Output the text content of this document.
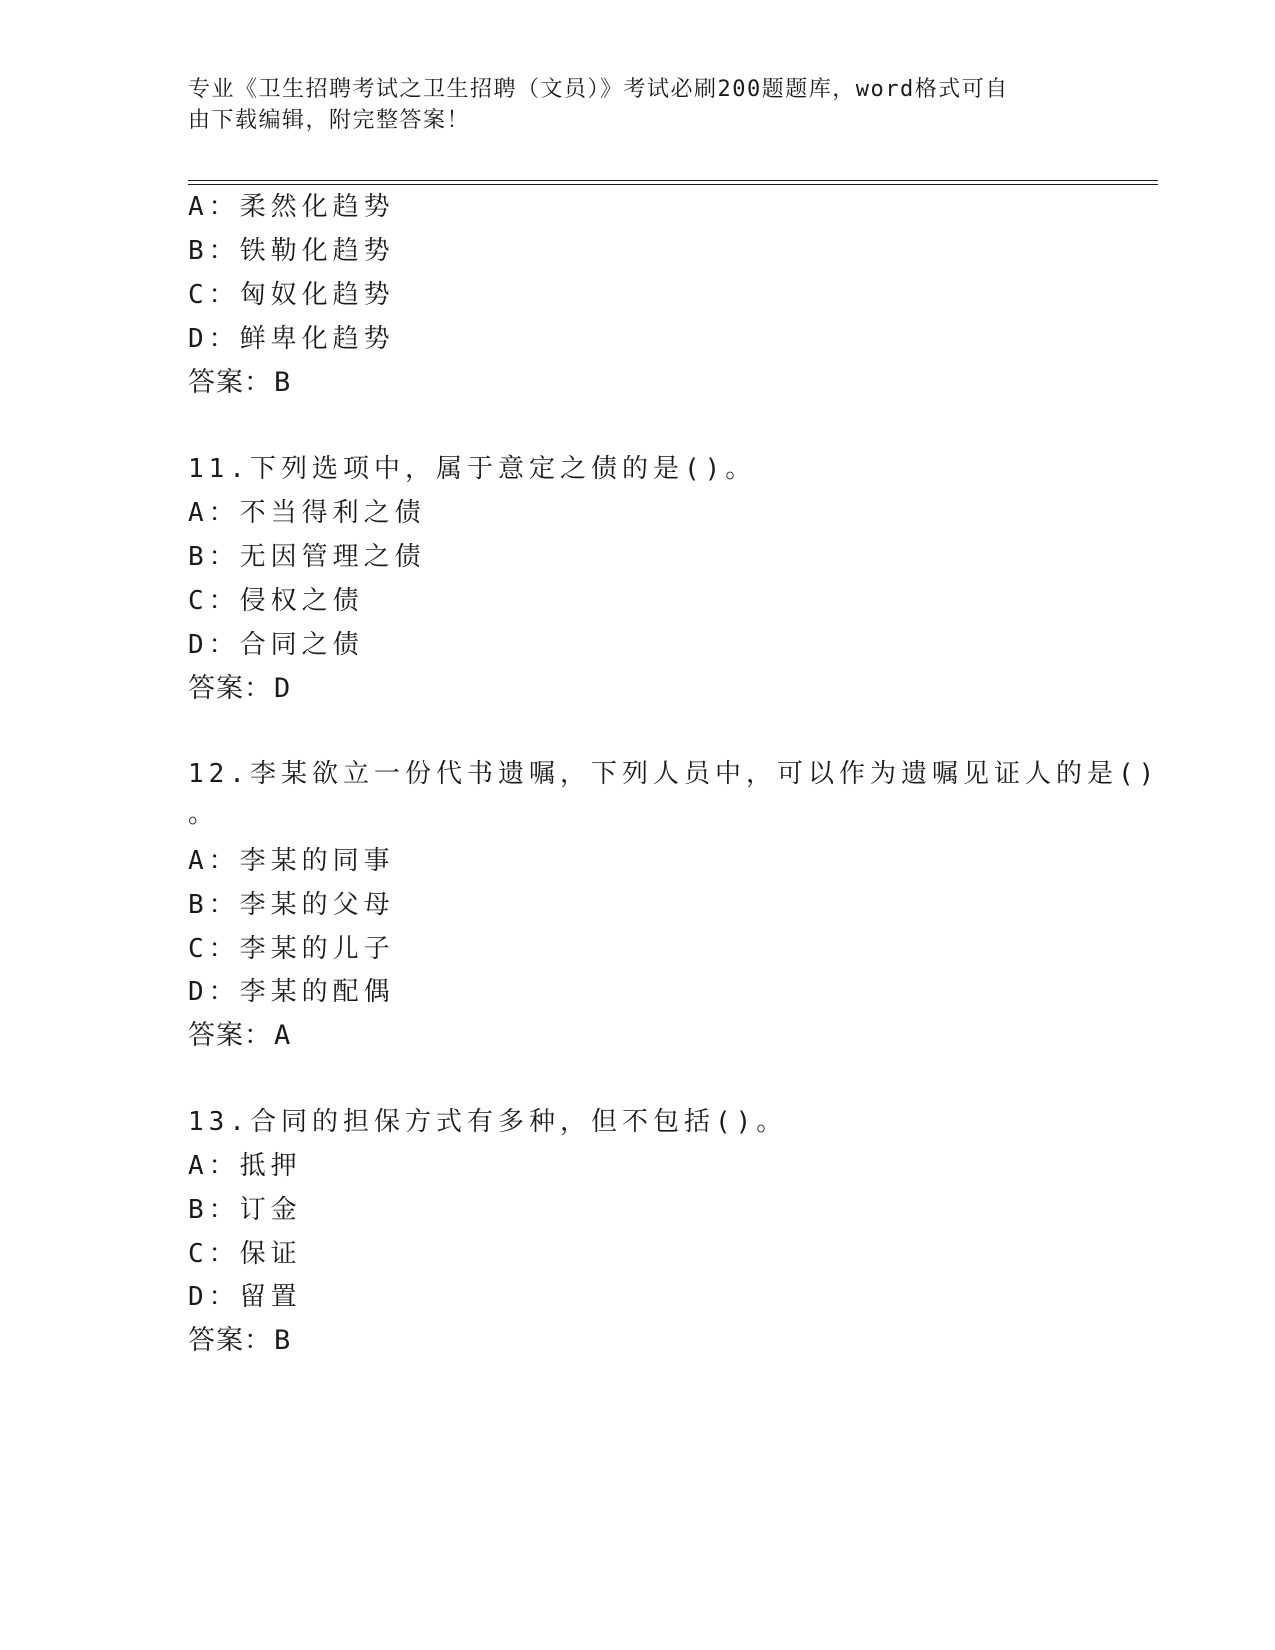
专业《卫生招聘考试之卫生招聘（文员）》考试必刷200题题库，word格式可自
由下载编辑，附完整答案！
A：柔然化趋势
B：铁勒化趋势
C：匈奴化趋势
D：鲜卑化趋势
答案：B
11.下列选项中，属于意定之债的是()。
A：不当得利之债
B：无因管理之债
C：侵权之债
D：合同之债
答案：D
12.李某欲立一份代书遗嘱，下列人员中，可以作为遗嘱见证人的是()
。
A：李某的同事
B：李某的父母
C：李某的儿子
D：李某的配偶
答案：A
13.合同的担保方式有多种，但不包括()。
A：抵押
B：订金
C：保证
D：留置
答案：B
